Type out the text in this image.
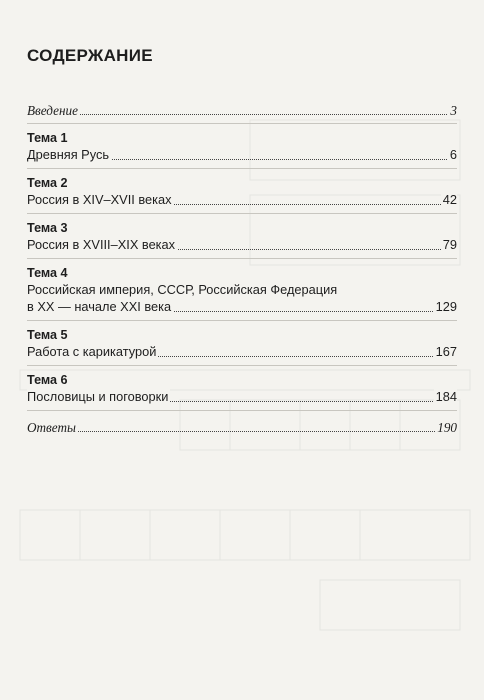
СОДЕРЖАНИЕ
Введение	3
Тема 1
Древняя Русь	6
Тема 2
Россия в XIV–XVII веках	42
Тема 3
Россия в XVIII–XIX веках	79
Тема 4
Российская империя, СССР, Российская Федерация
в XX — начале XXI века	129
Тема 5
Работа с карикатурой	167
Тема 6
Пословицы и поговорки	184
Ответы	190
